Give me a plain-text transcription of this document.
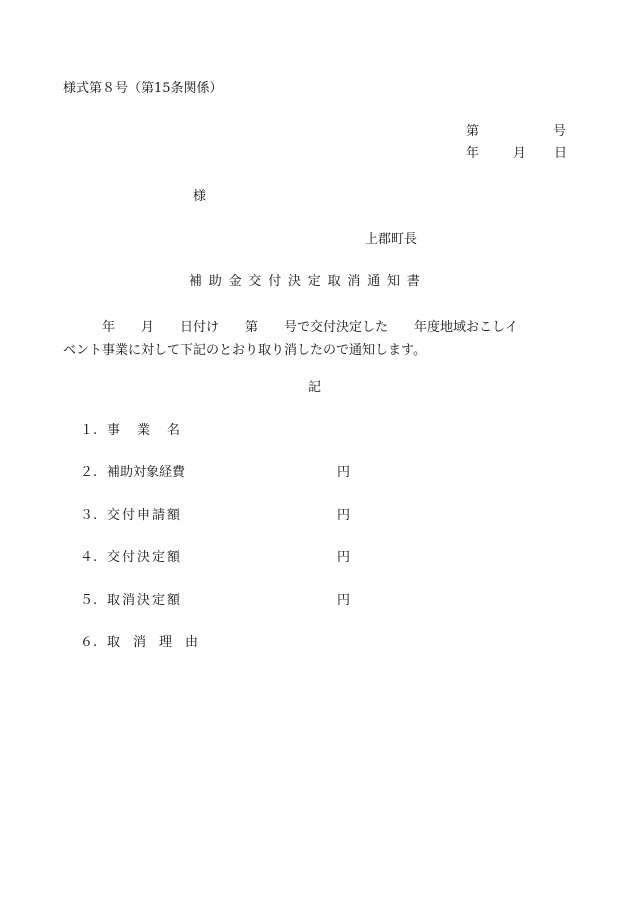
様式第８号（第15条関係）
第	号
年	月 日
様
上郡町長
補助金交付決定取消通知書
　　　年　　月　　日付け　　第　　号で交付決定した　　年度地域おこしイ
ベント事業に対して下記のとおり取り消したので通知します。
記
１. 事　業　名
２. 補助対象経費	円
３. 交付申請額	円
４. 交付決定額	円
５. 取消決定額	円
６. 取　消　理　由
